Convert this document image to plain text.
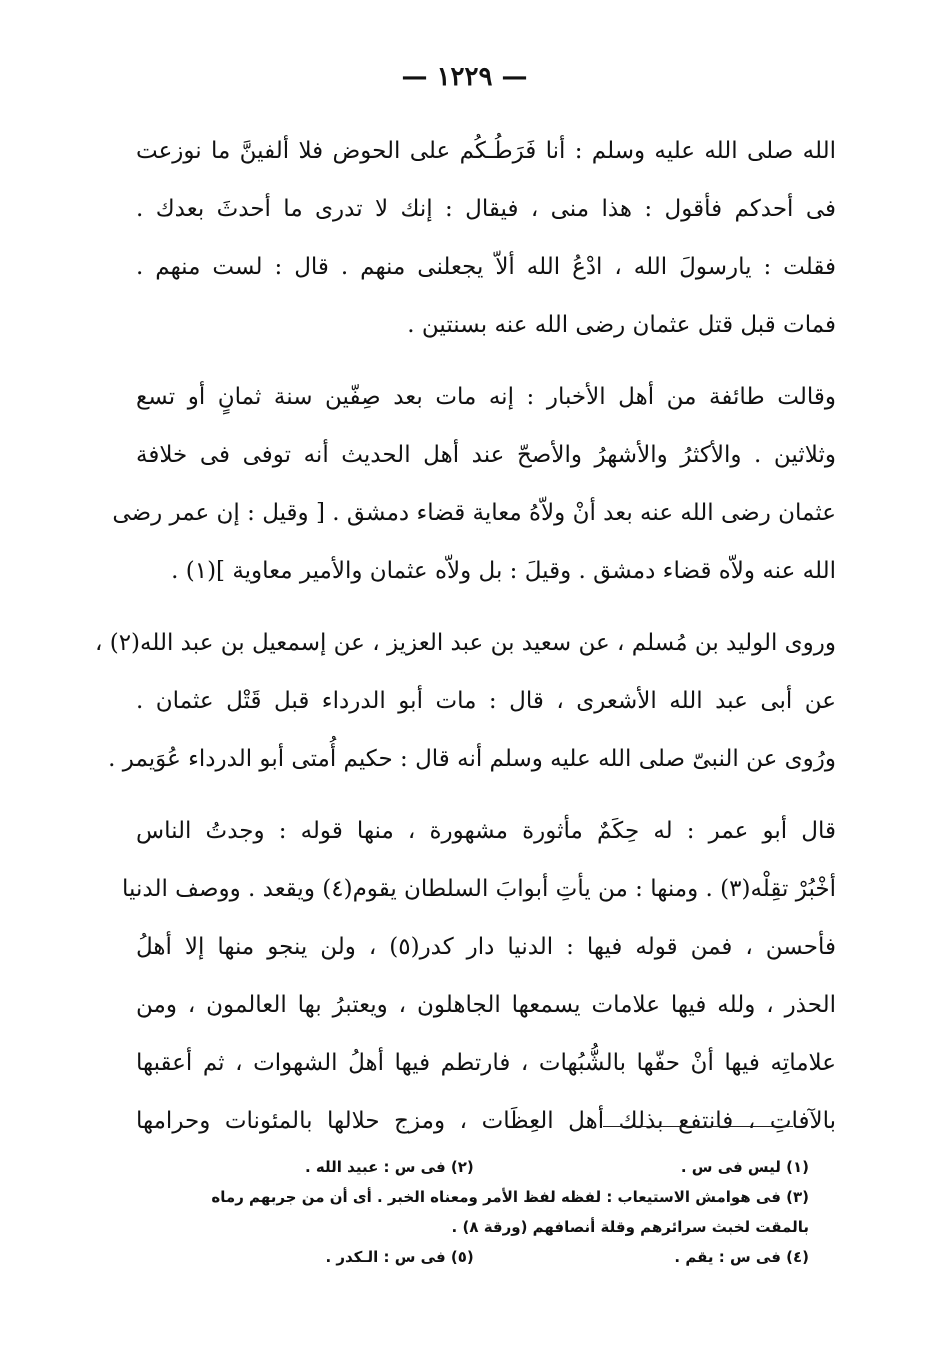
— ١٢٢٩ —
الله صلى الله عليه وسلم : أنا فَرَطُـكُم على الحوض فلا ألفينَّ ما نوزعت
فى أحدكم فأقول : هذا منى ، فيقال : إنك لا تدرى ما أحدثَ بعدك .
فقلت : يارسولَ الله ، ادْعُ الله ألاّ يجعلنى منهم . قال : لست منهم .
فمات قبل قتل عثمان رضى الله عنه بسنتين .
وقالت طائفة من أهل الأخبار : إنه مات بعد صِفّين سنة ثمانٍ أو تسع
وثلاثين . والأكثرُ والأشهرُ والأصحّ عند أهل الحديث أنه توفى فى خلافة
عثمان رضى الله عنه بعد أنْ ولاّهُ معاية قضاء دمشق . [ وقيل : إن عمر رضى
الله عنه ولاّه قضاء دمشق . وقيلَ : بل ولاّه عثمان والأمير معاوية ](١) .
وروى الوليد بن مُسلم ، عن سعيد بن عبد العزيز ، عن إسمعيل بن عبد الله(٢) ،
عن أبى عبد الله الأشعرى ، قال : مات أبو الدرداء قبل قَتْل عثمان .
ورُوى عن النبىّ صلى الله عليه وسلم أنه قال : حكيم أُمتى أبو الدرداء عُوَيمر .
قال أبو عمر : له حِكَمٌ مأثورة مشهورة ، منها قوله : وجدتُ الناس
أخْبُرْ تقِلْه(٣) . ومنها : من يأتِ أبوابَ السلطان يقوم(٤) ويقعد . ووصف الدنيا
فأحسن ، فمن قوله فيها : الدنيا دار كدر(٥) ، ولن ينجو منها إلا أهلُ
الحذر ، ولله فيها علامات يسمعها الجاهلون ، ويعتبرُ بها العالمون ، ومن
علاماتِه فيها أنْ حفّها بالشُّبُهات ، فارتطم فيها أهلُ الشهوات ، ثم أعقبها
بالآفاتِ ، فانتفع بذلك أهل العِظَات ، ومزج حلالها بالمئونات وحرامها
(١) ليس فى س . (٢) فى س : عبيد الله .
(٣) فى هوامش الاستيعاب : لفظه لفظ الأمر ومعناه الخبر . أى أن من جربهم رماه
بالمقت لخبث سرائرهم وقلة أنصافهم (ورقة ٨) .
(٤) فى س : يقم . (٥) فى س : الـكدر .
